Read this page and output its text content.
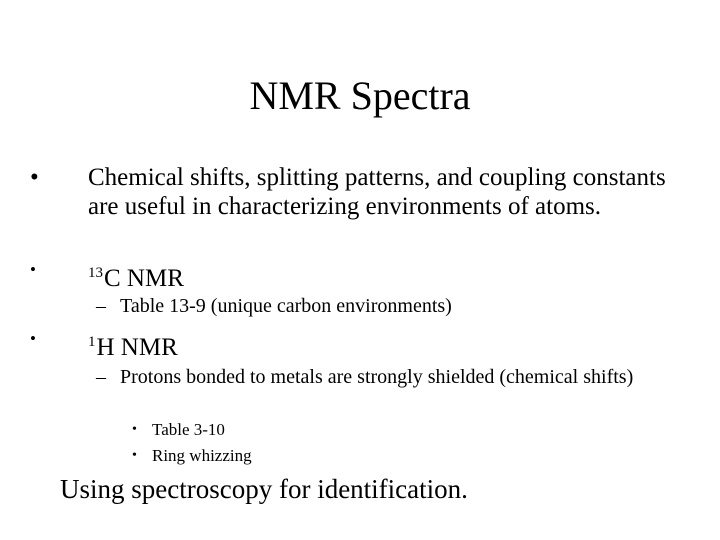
NMR Spectra
• Chemical shifts, splitting patterns, and coupling constants are useful in characterizing environments of atoms.
•	$^{13}$C NMR
– Table 13-9 (unique carbon environments)
•	$^1$H NMR
– Protons bonded to metals are strongly shielded (chemical shifts)
• Table 3-10
• Ring whizzing
Using spectroscopy for identification.
